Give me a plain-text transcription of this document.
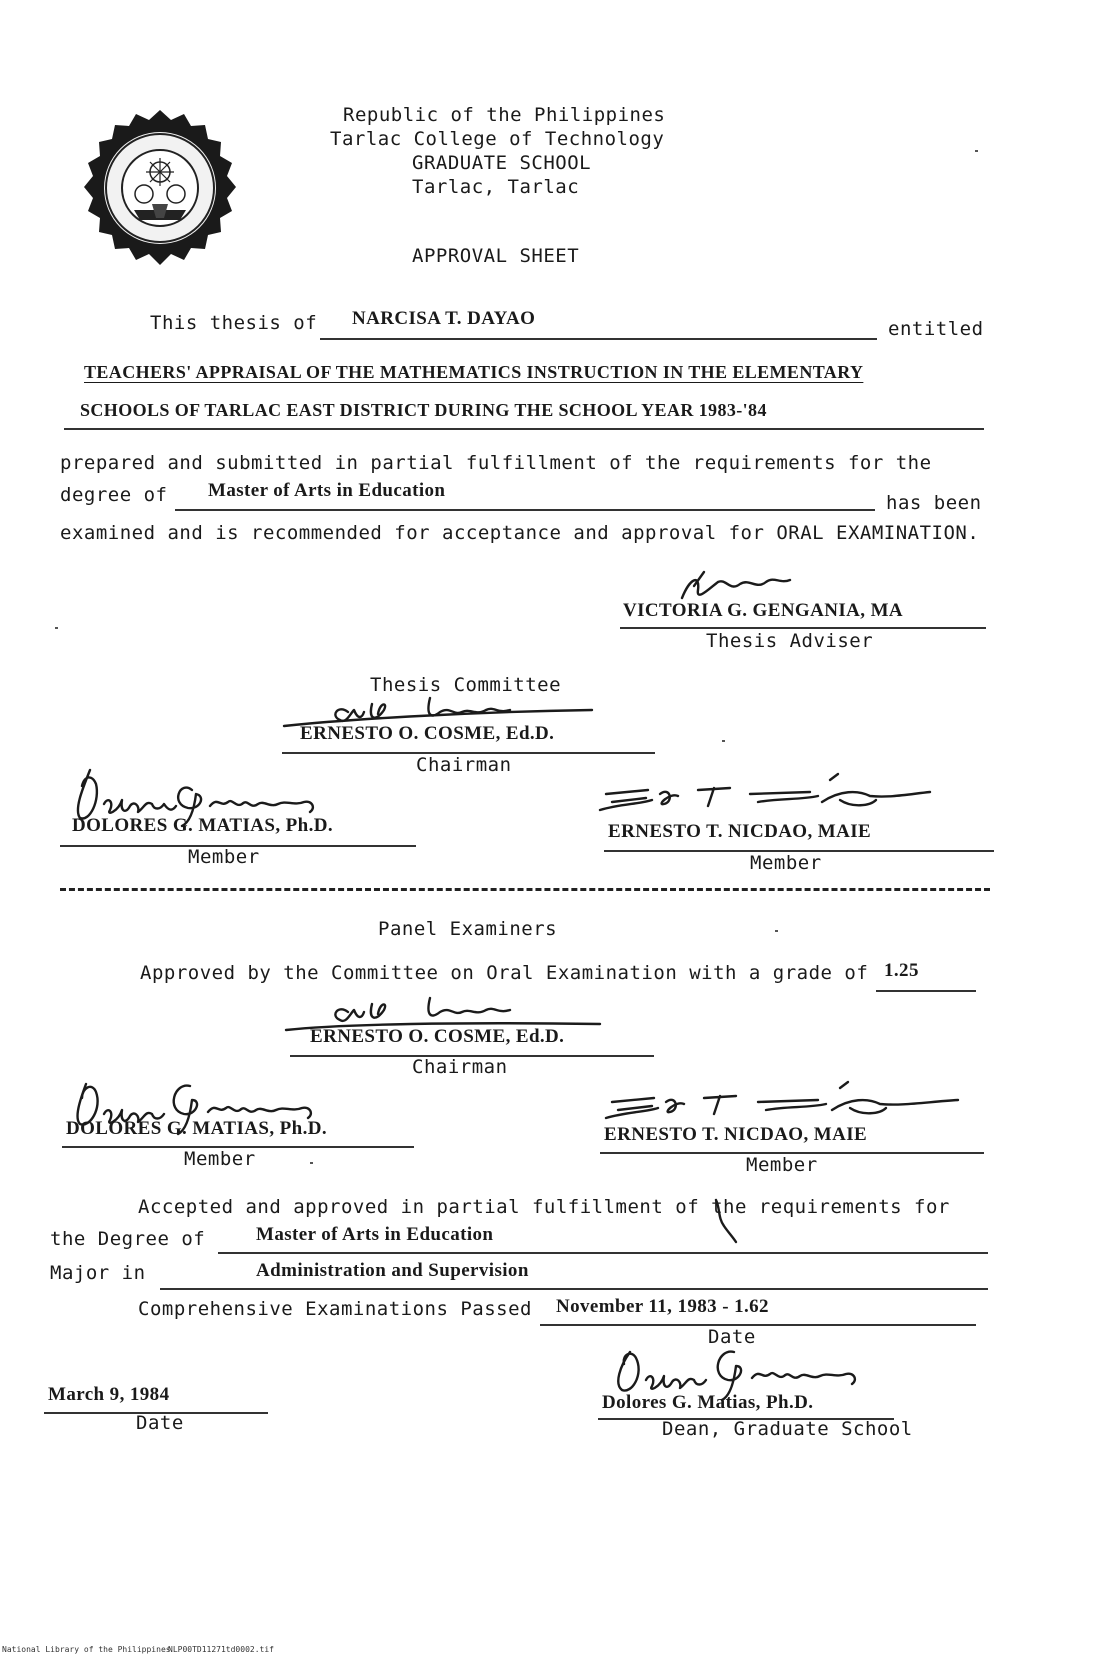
Republic of the Philippines
Tarlac College of Technology
GRADUATE SCHOOL
Tarlac, Tarlac
APPROVAL SHEET
This thesis of NARCISA T. DAYAO	entitled
TEACHERS' APPRAISAL OF THE MATHEMATICS INSTRUCTION IN THE ELEMENTARY
SCHOOLS OF TARLAC EAST DISTRICT DURING THE SCHOOL YEAR 1983-'84
prepared and submitted in partial fulfillment of the requirements for the
degree of Master of Arts in Education
has been
examined and is recommended for acceptance and approval for ORAL EXAMINATION.
VICTORIA G. GENGANIA, MA
Thesis Adviser
Thesis Committee
ERNESTO O. COSME, Ed.D.
Chairman
DOLORES G. MATIAS, Ph.D.
Member
ERNESTO T. NICDAO, MAIE
Member
Panel Examiners
Approved by the Committee on Oral Examination with a grade of 1.25
ERNESTO O. COSME, Ed.D.
Chairman
DOLORES G. MATIAS, Ph.D.
Member
ERNESTO T. NICDAO, MAIE
Member
Accepted and approved in partial fulfillment of the requirements for
the Degree of	Master of Arts in Education
Major in	Administration and Supervision
Comprehensive Examinations Passed November 11, 1983 - 1.62
Date
March 9, 1984
Date
Dolores G. Matias, Ph.D.
Dean, Graduate School
National Library of the Philippines
NLP00TD11271td0002.tif
